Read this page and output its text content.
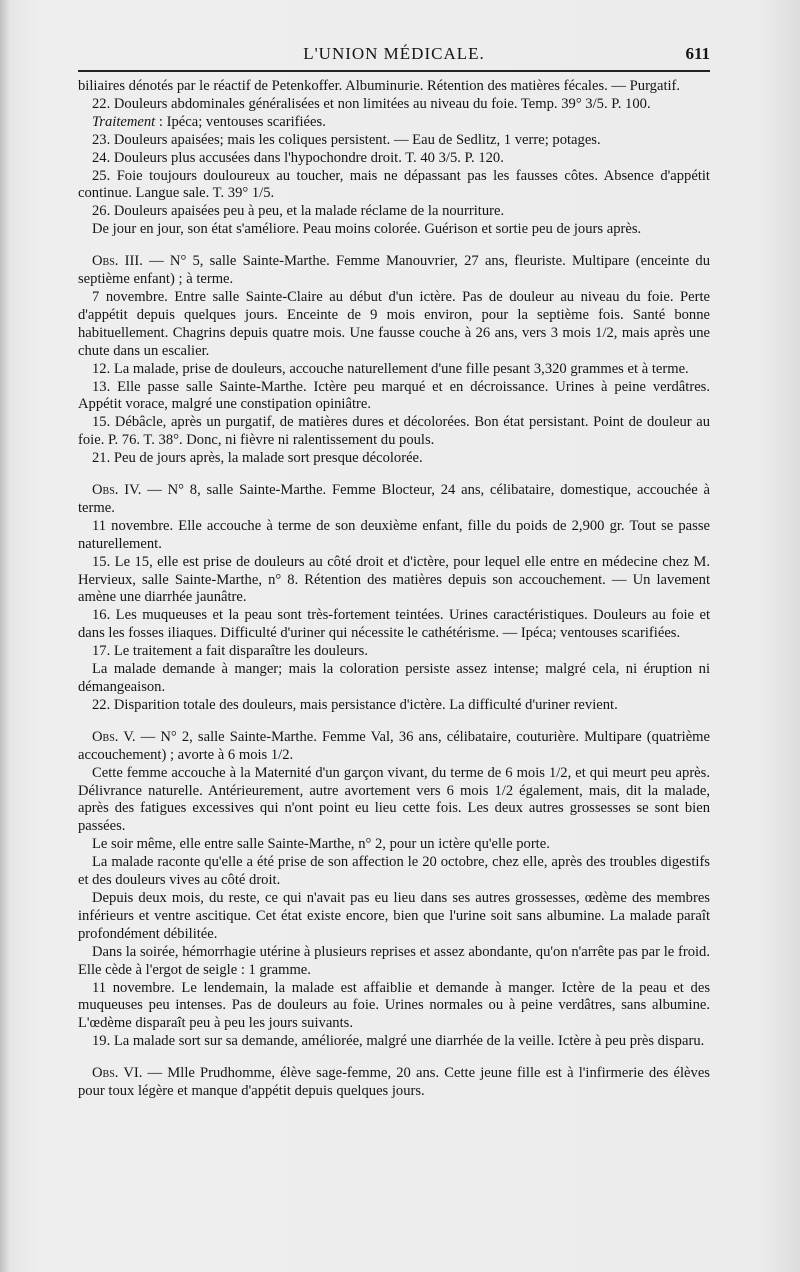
L'UNION MÉDICALE.	611

biliaires dénotés par le réactif de Petenkoffer. Albuminurie. Rétention des matières fécales. — Purgatif.

22. Douleurs abdominales généralisées et non limitées au niveau du foie. Temp. 39° 3/5. P. 100.

Traitement : Ipéca; ventouses scarifiées.

23. Douleurs apaisées; mais les coliques persistent. — Eau de Sedlitz, 1 verre; potages.

24. Douleurs plus accusées dans l'hypochondre droit. T. 40 3/5. P. 120.

25. Foie toujours douloureux au toucher, mais ne dépassant pas les fausses côtes. Absence d'appétit continue. Langue sale. T. 39° 1/5.

26. Douleurs apaisées peu à peu, et la malade réclame de la nourriture.

De jour en jour, son état s'améliore. Peau moins colorée. Guérison et sortie peu de jours après.

Obs. III. — N° 5, salle Sainte-Marthe. Femme Manouvrier, 27 ans, fleuriste. Multipare (enceinte du septième enfant) ; à terme.

7 novembre. Entre salle Sainte-Claire au début d'un ictère. Pas de douleur au niveau du foie. Perte d'appétit depuis quelques jours. Enceinte de 9 mois environ, pour la septième fois. Santé bonne habituellement. Chagrins depuis quatre mois. Une fausse couche à 26 ans, vers 3 mois 1/2, mais après une chute dans un escalier.

12. La malade, prise de douleurs, accouche naturellement d'une fille pesant 3,320 grammes et à terme.

13. Elle passe salle Sainte-Marthe. Ictère peu marqué et en décroissance. Urines à peine verdâtres. Appétit vorace, malgré une constipation opiniâtre.

15. Débâcle, après un purgatif, de matières dures et décolorées. Bon état persistant. Point de douleur au foie. P. 76. T. 38°. Donc, ni fièvre ni ralentissement du pouls.

21. Peu de jours après, la malade sort presque décolorée.

Obs. IV. — N° 8, salle Sainte-Marthe. Femme Blocteur, 24 ans, célibataire, domestique, accouchée à terme.

11 novembre. Elle accouche à terme de son deuxième enfant, fille du poids de 2,900 gr. Tout se passe naturellement.

15. Le 15, elle est prise de douleurs au côté droit et d'ictère, pour lequel elle entre en médecine chez M. Hervieux, salle Sainte-Marthe, n° 8. Rétention des matières depuis son accouchement. — Un lavement amène une diarrhée jaunâtre.

16. Les muqueuses et la peau sont très-fortement teintées. Urines caractéristiques. Douleurs au foie et dans les fosses iliaques. Difficulté d'uriner qui nécessite le cathétérisme. — Ipéca; ventouses scarifiées.

17. Le traitement a fait disparaître les douleurs.

La malade demande à manger; mais la coloration persiste assez intense; malgré cela, ni éruption ni démangeaison.

22. Disparition totale des douleurs, mais persistance d'ictère. La difficulté d'uriner revient.

Obs. V. — N° 2, salle Sainte-Marthe. Femme Val, 36 ans, célibataire, couturière. Multipare (quatrième accouchement) ; avorte à 6 mois 1/2.

Cette femme accouche à la Maternité d'un garçon vivant, du terme de 6 mois 1/2, et qui meurt peu après. Délivrance naturelle. Antérieurement, autre avortement vers 6 mois 1/2 également, mais, dit la malade, après des fatigues excessives qui n'ont point eu lieu cette fois. Les deux autres grossesses se sont bien passées.

Le soir même, elle entre salle Sainte-Marthe, n° 2, pour un ictère qu'elle porte.

La malade raconte qu'elle a été prise de son affection le 20 octobre, chez elle, après des troubles digestifs et des douleurs vives au côté droit.

Depuis deux mois, du reste, ce qui n'avait pas eu lieu dans ses autres grossesses, œdème des membres inférieurs et ventre ascitique. Cet état existe encore, bien que l'urine soit sans albumine. La malade paraît profondément débilitée.

Dans la soirée, hémorrhagie utérine à plusieurs reprises et assez abondante, qu'on n'arrête pas par le froid. Elle cède à l'ergot de seigle : 1 gramme.

11 novembre. Le lendemain, la malade est affaiblie et demande à manger. Ictère de la peau et des muqueuses peu intenses. Pas de douleurs au foie. Urines normales ou à peine verdâtres, sans albumine. L'œdème disparaît peu à peu les jours suivants.

19. La malade sort sur sa demande, améliorée, malgré une diarrhée de la veille. Ictère à peu près disparu.

Obs. VI. — Mlle Prudhomme, élève sage-femme, 20 ans. Cette jeune fille est à l'infirmerie des élèves pour toux légère et manque d'appétit depuis quelques jours.
